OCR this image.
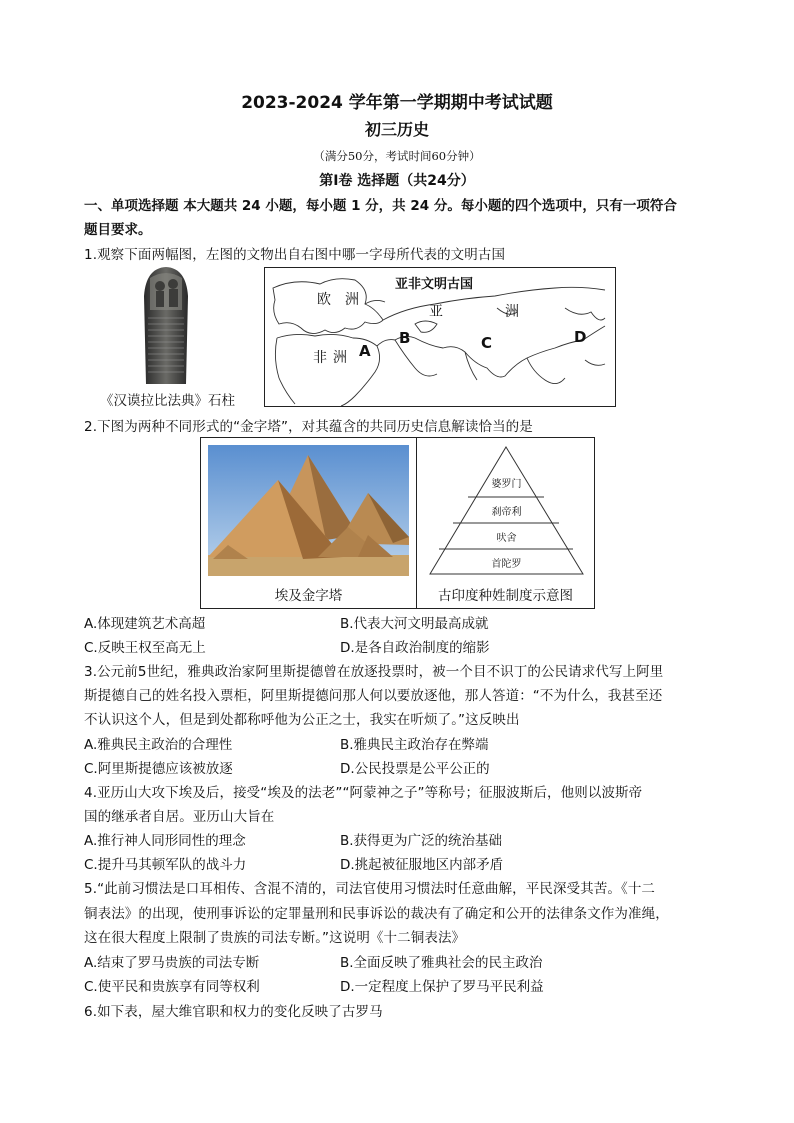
2023-2024 学年第一学期期中考试试题
初三历史
（满分50分，考试时间60分钟）
第Ⅰ卷 选择题（共24分）
一、单项选择题 本大题共 24 小题，每小题 1 分，共 24 分。每小题的四个选项中，只有一项符合
题目要求。
1.观察下面两幅图，左图的文物出自右图中哪一字母所代表的文明古国
《汉谟拉比法典》石柱
亚非文明古国
欧 洲
亚	洲
非 洲 A
B	C	D
2.下图为两种不同形式的“金字塔”，对其蕴含的共同历史信息解读恰当的是
埃及金字塔
婆罗门
刹帝利
吠舍
首陀罗
古印度种姓制度示意图
A.体现建筑艺术高超	B.代表大河文明最高成就
C.反映王权至高无上	D.是各自政治制度的缩影
3.公元前5世纪，雅典政治家阿里斯提德曾在放逐投票时，被一个目不识丁的公民请求代写上阿里
斯提德自己的姓名投入票柜，阿里斯提德问那人何以要放逐他，那人答道：“不为什么，我甚至还
不认识这个人，但是到处都称呼他为公正之士，我实在听烦了。”这反映出
A.雅典民主政治的合理性	B.雅典民主政治存在弊端
C.阿里斯提德应该被放逐	D.公民投票是公平公正的
4.亚历山大攻下埃及后，接受“埃及的法老”“阿蒙神之子”等称号；征服波斯后，他则以波斯帝
国的继承者自居。亚历山大旨在
A.推行神人同形同性的理念	B.获得更为广泛的统治基础
C.提升马其顿军队的战斗力	D.挑起被征服地区内部矛盾
5.“此前习惯法是口耳相传、含混不清的，司法官使用习惯法时任意曲解，平民深受其苦。《十二
铜表法》的出现，使刑事诉讼的定罪量刑和民事诉讼的裁决有了确定和公开的法律条文作为准绳，
这在很大程度上限制了贵族的司法专断。”这说明《十二铜表法》
A.结束了罗马贵族的司法专断	B.全面反映了雅典社会的民主政治
C.使平民和贵族享有同等权利	D.一定程度上保护了罗马平民利益
6.如下表，屋大维官职和权力的变化反映了古罗马
